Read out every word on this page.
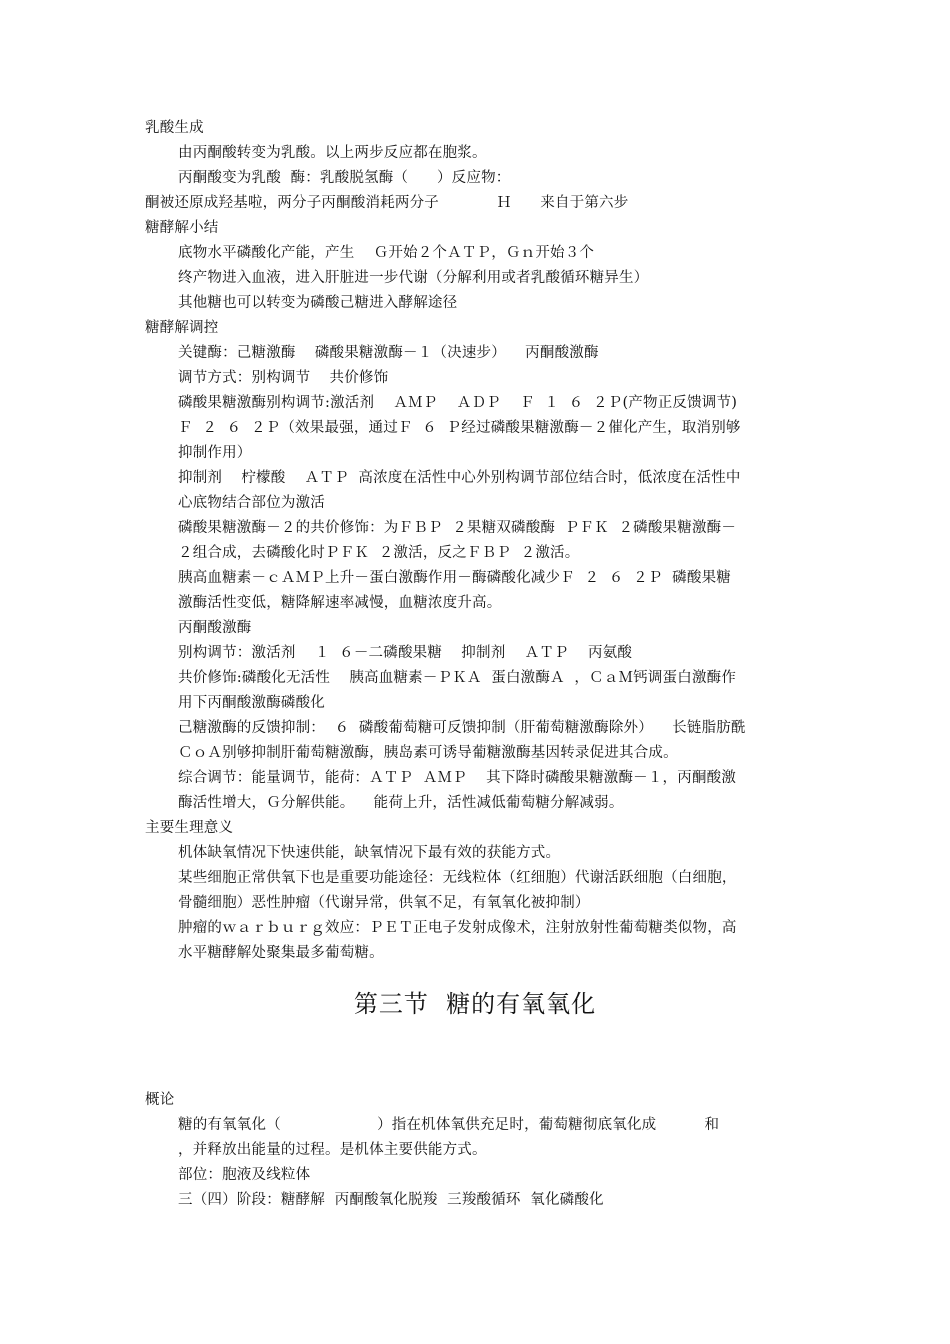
乳酸生成
由丙酮酸转变为乳酸。以上两步反应都在胞浆。
丙酮酸变为乳酸  酶：乳酸脱氢酶（      ）反应物：
酮被还原成羟基啦，两分子丙酮酸消耗两分子            Ｈ      来自于第六步
糖酵解小结
底物水平磷酸化产能，产生    Ｇ开始２个ＡＴＰ，Ｇｎ开始３个
终产物进入血液，进入肝脏进一步代谢（分解利用或者乳酸循环糖异生）
其他糖也可以转变为磷酸己糖进入酵解途径
糖酵解调控
关键酶：己糖激酶    磷酸果糖激酶－１（决速步）    丙酮酸激酶
调节方式：别构调节    共价修饰
磷酸果糖激酶别构调节:激活剂    ＡＭＰ    ＡＤＰ    Ｆ  １  ６  ２Ｐ(产物正反馈调节)
Ｆ  ２  ６  ２Ｐ（效果最强，通过Ｆ  ６  Ｐ经过磷酸果糖激酶－２催化产生，取消别够
抑制作用）
抑制剂    柠檬酸    ＡＴＰ  高浓度在活性中心外别构调节部位结合时，低浓度在活性中
心底物结合部位为激活
磷酸果糖激酶－２的共价修饰：为ＦＢＰ  ２果糖双磷酸酶  ＰＦＫ  ２磷酸果糖激酶－
２组合成，去磷酸化时ＰＦＫ  ２激活，反之ＦＢＰ  ２激活。
胰高血糖素－ｃＡＭＰ上升－蛋白激酶作用－酶磷酸化减少Ｆ  ２  ６  ２Ｐ  磷酸果糖
激酶活性变低，糖降解速率减慢，血糖浓度升高。
丙酮酸激酶
别构调节：激活剂    １  ６－二磷酸果糖    抑制剂    ＡＴＰ    丙氨酸
共价修饰:磷酸化无活性    胰高血糖素－ＰＫＡ  蛋白激酶Ａ  ，ＣａＭ钙调蛋白激酶作
用下丙酮酸激酶磷酸化
己糖激酶的反馈抑制：  ６  磷酸葡萄糖可反馈抑制（肝葡萄糖激酶除外）    长链脂肪酰
ＣｏＡ别够抑制肝葡萄糖激酶，胰岛素可诱导葡糖激酶基因转录促进其合成。
综合调节：能量调节，能荷：ＡＴＰ  ＡＭＰ    其下降时磷酸果糖激酶－１，丙酮酸激
酶活性增大，Ｇ分解供能。    能荷上升，活性减低葡萄糖分解减弱。
主要生理意义
机体缺氧情况下快速供能，缺氧情况下最有效的获能方式。
某些细胞正常供氧下也是重要功能途径：无线粒体（红细胞）代谢活跃细胞（白细胞，
骨髓细胞）恶性肿瘤（代谢异常，供氧不足，有氧氧化被抑制）
肿瘤的ｗａｒｂｕｒｇ效应：ＰＥＴ正电子发射成像术，注射放射性葡萄糖类似物，高
水平糖酵解处聚集最多葡萄糖。
第三节  糖的有氧氧化
概论
糖的有氧氧化（                    ）指在机体氧供充足时，葡萄糖彻底氧化成          和
，并释放出能量的过程。是机体主要供能方式。
部位：胞液及线粒体
三（四）阶段：糖酵解  丙酮酸氧化脱羧  三羧酸循环  氧化磷酸化
